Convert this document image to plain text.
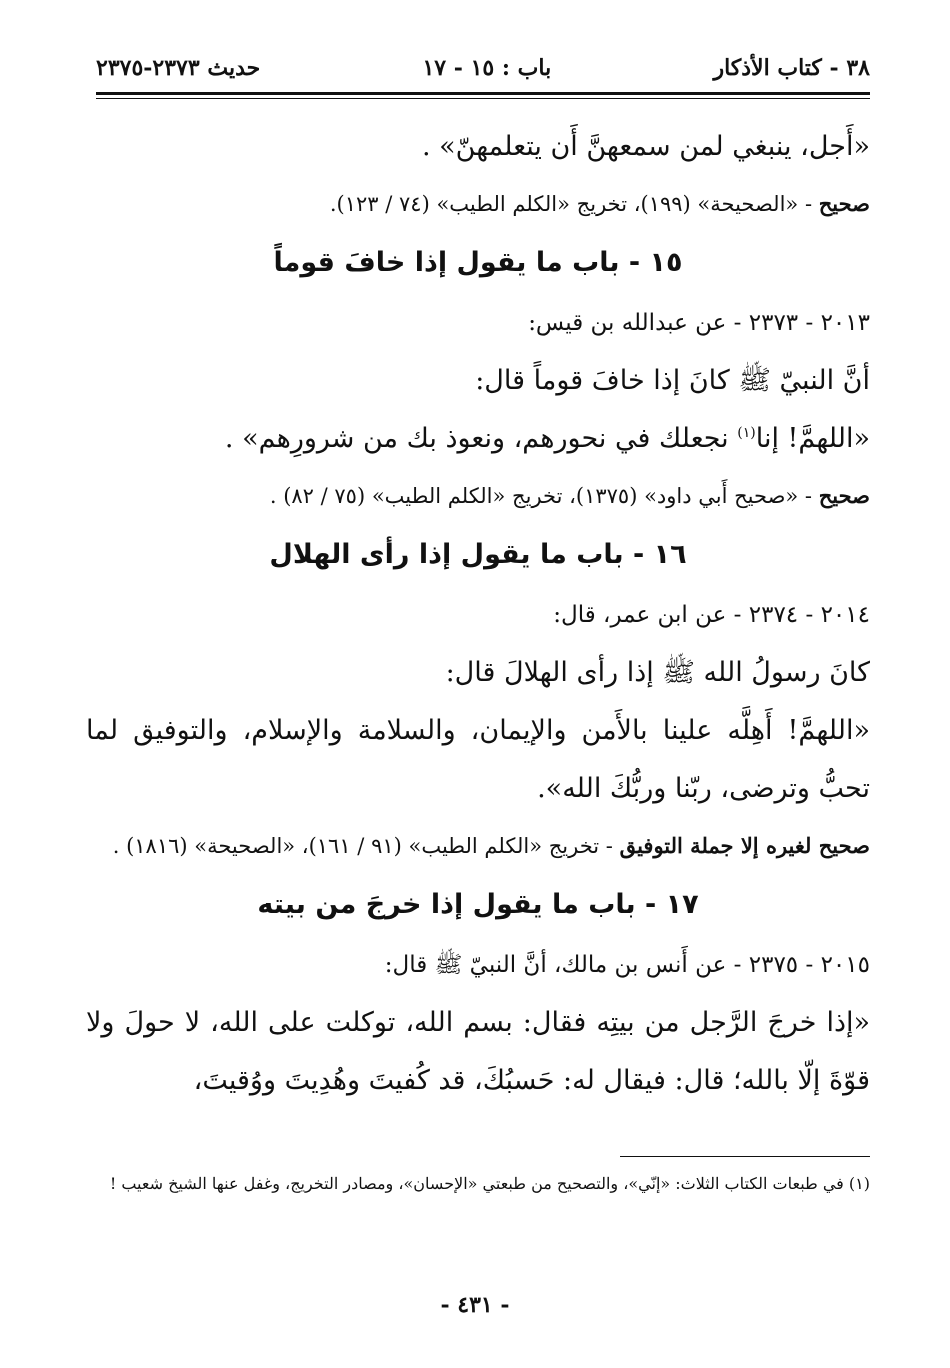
٣٨ - كتاب الأذكار
باب : ١٥ - ١٧
حديث ٢٣٧٣-٢٣٧٥

«أَجل، ينبغي لمن سمعهنَّ أَن يتعلمهنّ» .

صحيح - «الصحيحة» (١٩٩)، تخريج «الكلم الطيب» (٧٤ / ١٢٣).

١٥ - باب ما يقول إذا خافَ قوماً

٢٠١٣ - ٢٣٧٣ - عن عبدالله بن قيس:

أنَّ النبيّ ﷺ كانَ إذا خافَ قوماً قال:

«اللهمَّ! إنا$^{(١)}$ نجعلك في نحورهم، ونعوذ بك من شرورِهم» .

صحيح - «صحيح أَبي داود» (١٣٧٥)، تخريج «الكلم الطيب» (٧٥ / ٨٢) .

١٦ - باب ما يقول إذا رأى الهلال

٢٠١٤ - ٢٣٧٤ - عن ابن عمر، قال:

كانَ رسولُ الله ﷺ إذا رأى الهلالَ قال:

«اللهمَّ! أَهِلَّه علينا بالأَمن والإيمان، والسلامة والإسلام، والتوفيق لما تحبُّ وترضى، ربّنا وربُّكَ الله».

صحيح لغيره إلا جملة التوفيق - تخريج «الكلم الطيب» (٩١ / ١٦١)، «الصحيحة» (١٨١٦) .

١٧ - باب ما يقول إذا خرجَ من بيته

٢٠١٥ - ٢٣٧٥ - عن أَنس بن مالك، أنَّ النبيّ ﷺ قال:

«إذا خرجَ الرَّجل من بيتِه فقال: بسم الله، توكلت على الله، لا حولَ ولا قوّةَ إلّا بالله؛ قال: فيقال له: حَسبُكَ، قد كُفيتَ وهُدِيتَ ووُقيتَ،

(١) في طبعات الكتاب الثلاث: «إنّي»، والتصحيح من طبعتي «الإحسان»، ومصادر التخريج، وغفل عنها الشيخ شعيب !

- ٤٣١ -
